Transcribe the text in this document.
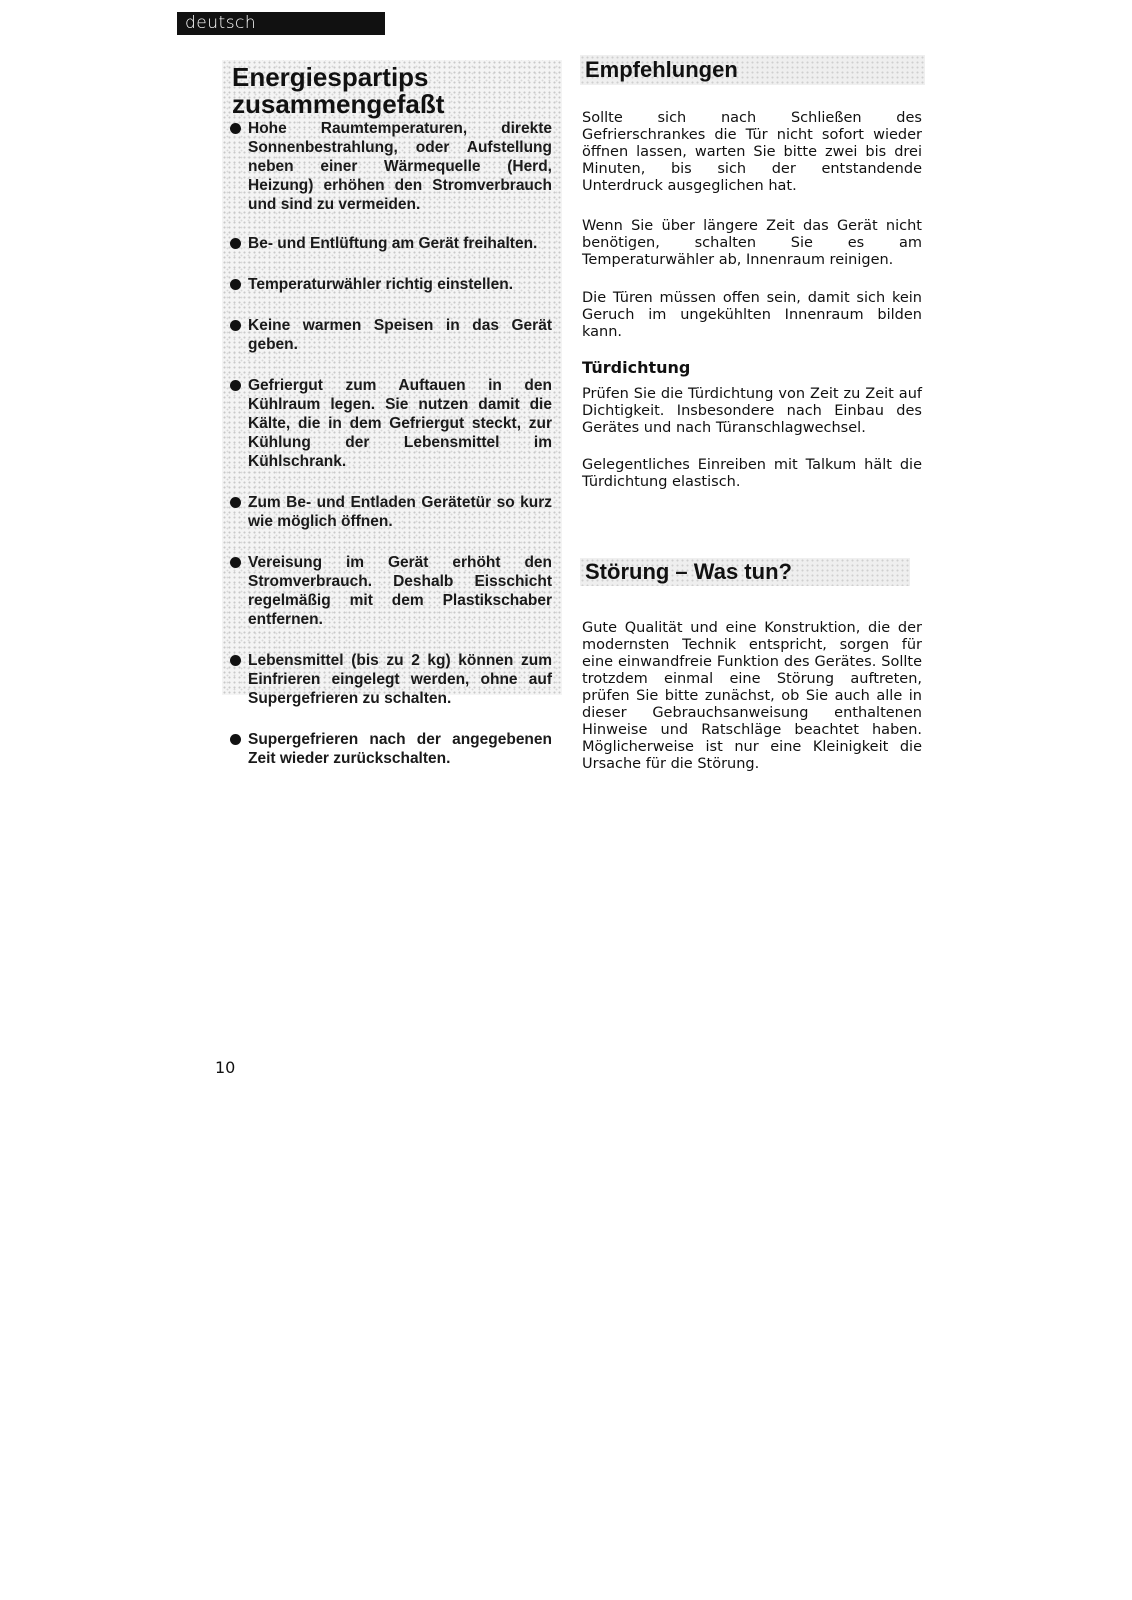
deutsch
Energiespartips
zusammengefaßt
Hohe Raumtemperaturen, direkte Sonnenbestrahlung, oder Aufstellung neben einer Wärmequelle (Herd, Heizung) erhöhen den Stromverbrauch und sind zu vermeiden.
Be- und Entlüftung am Gerät freihalten.
Temperaturwähler richtig einstellen.
Keine warmen Speisen in das Gerät geben.
Gefriergut zum Auftauen in den Kühlraum legen. Sie nutzen damit die Kälte, die in dem Gefriergut steckt, zur Kühlung der Lebensmittel im Kühlschrank.
Zum Be- und Entladen Gerätetür so kurz wie möglich öffnen.
Vereisung im Gerät erhöht den Stromverbrauch. Deshalb Eisschicht regelmäßig mit dem Plastikschaber entfernen.
Lebensmittel (bis zu 2 kg) können zum Einfrieren eingelegt werden, ohne auf Supergefrieren zu schalten.
Supergefrieren nach der angegebenen Zeit wieder zurückschalten.
Empfehlungen

Sollte sich nach Schließen des Gefrierschrankes die Tür nicht sofort wieder öffnen lassen, warten Sie bitte zwei bis drei Minuten, bis sich der entstandende Unterdruck ausgeglichen hat.

Wenn Sie über längere Zeit das Gerät nicht benötigen, schalten Sie es am Temperaturwähler ab, Innenraum reinigen.

Die Türen müssen offen sein, damit sich kein Geruch im ungekühlten Innenraum bilden kann.

Türdichtung

Prüfen Sie die Türdichtung von Zeit zu Zeit auf Dichtigkeit. Insbesondere nach Einbau des Gerätes und nach Türanschlagwechsel.

Gelegentliches Einreiben mit Talkum hält die Türdichtung elastisch.

Störung – Was tun?

Gute Qualität und eine Konstruktion, die der modernsten Technik entspricht, sorgen für eine einwandfreie Funktion des Gerätes. Sollte trotzdem einmal eine Störung auftreten, prüfen Sie bitte zunächst, ob Sie auch alle in dieser Gebrauchsanweisung enthaltenen Hinweise und Ratschläge beachtet haben. Möglicherweise ist nur eine Kleinigkeit die Ursache für die Störung.

10
